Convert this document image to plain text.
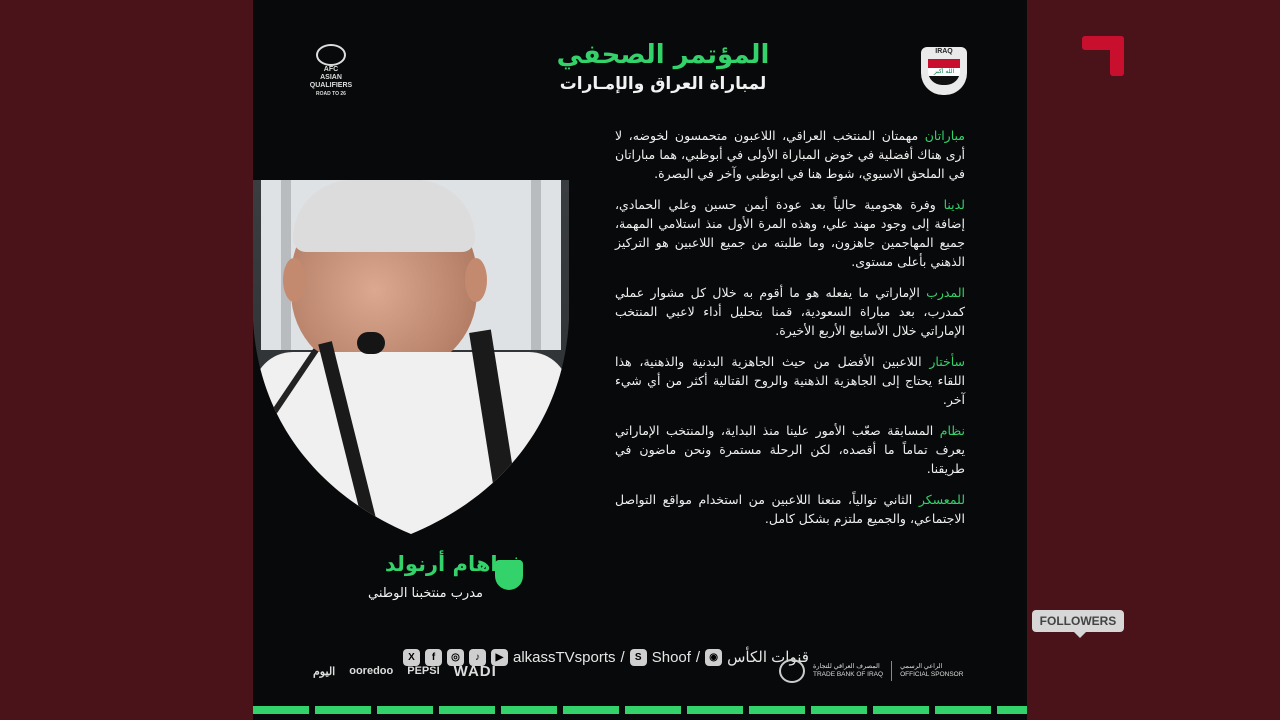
AFC
ASIAN
QUALIFIERS
ROAD TO 26
المؤتمر الصحفي
لمباراة العراق والإمـارات
IRAQ
الله أكبر
غراهام أرنولد
مدرب منتخبنا الوطني

مباراتان مهمتان المنتخب العراقي، اللاعبون متحمسون لخوضه، لا أرى هناك أفضلية في خوض المباراة الأولى في أبوظبي، هما مباراتان في الملحق الاسيوي، شوط هنا في ابوظبي وآخر في البصرة.

لدينا وفرة هجومية حالياً بعد عودة أيمن حسين وعلي الحمادي، إضافة إلى وجود مهند علي، وهذه المرة الأول منذ استلامي المهمة، جميع المهاجمين جاهزون، وما طلبته من جميع اللاعبين هو التركيز الذهني بأعلى مستوى.

المدرب الإماراتي ما يفعله هو ما أقوم به خلال كل مشوار عملي كمدرب، بعد مباراة السعودية، قمنا بتحليل أداء لاعبي المنتخب الإماراتي خلال الأسابيع الأربع الأخيرة.

سأختار اللاعبين الأفضل من حيث الجاهزية البدنية والذهنية، هذا اللقاء يحتاج إلى الجاهزية الذهنية والروح القتالية أكثر من أي شيء آخر.

نظام المسابقة صعّب الأمور علينا منذ البداية، والمنتخب الإماراتي يعرف تماماً ما أقصده، لكن الرحلة مستمرة ونحن ماضون في طريقنا.

للمعسكر الثاني توالياً، منعنا اللاعبين من استخدام مواقع التواصل الاجتماعي، والجميع ملتزم بشكل كامل.

X	f	◎	♪	▶ alkassTVsports /	S Shoof / ◉ قنوات الكأس
اليوم ooredoo PEPSI WADI	المصرف العراقي للتجارة
TRADE BANK OF IRAQ
الراعي الرسمي
OFFICIAL SPONSOR
FOLLOWERS
